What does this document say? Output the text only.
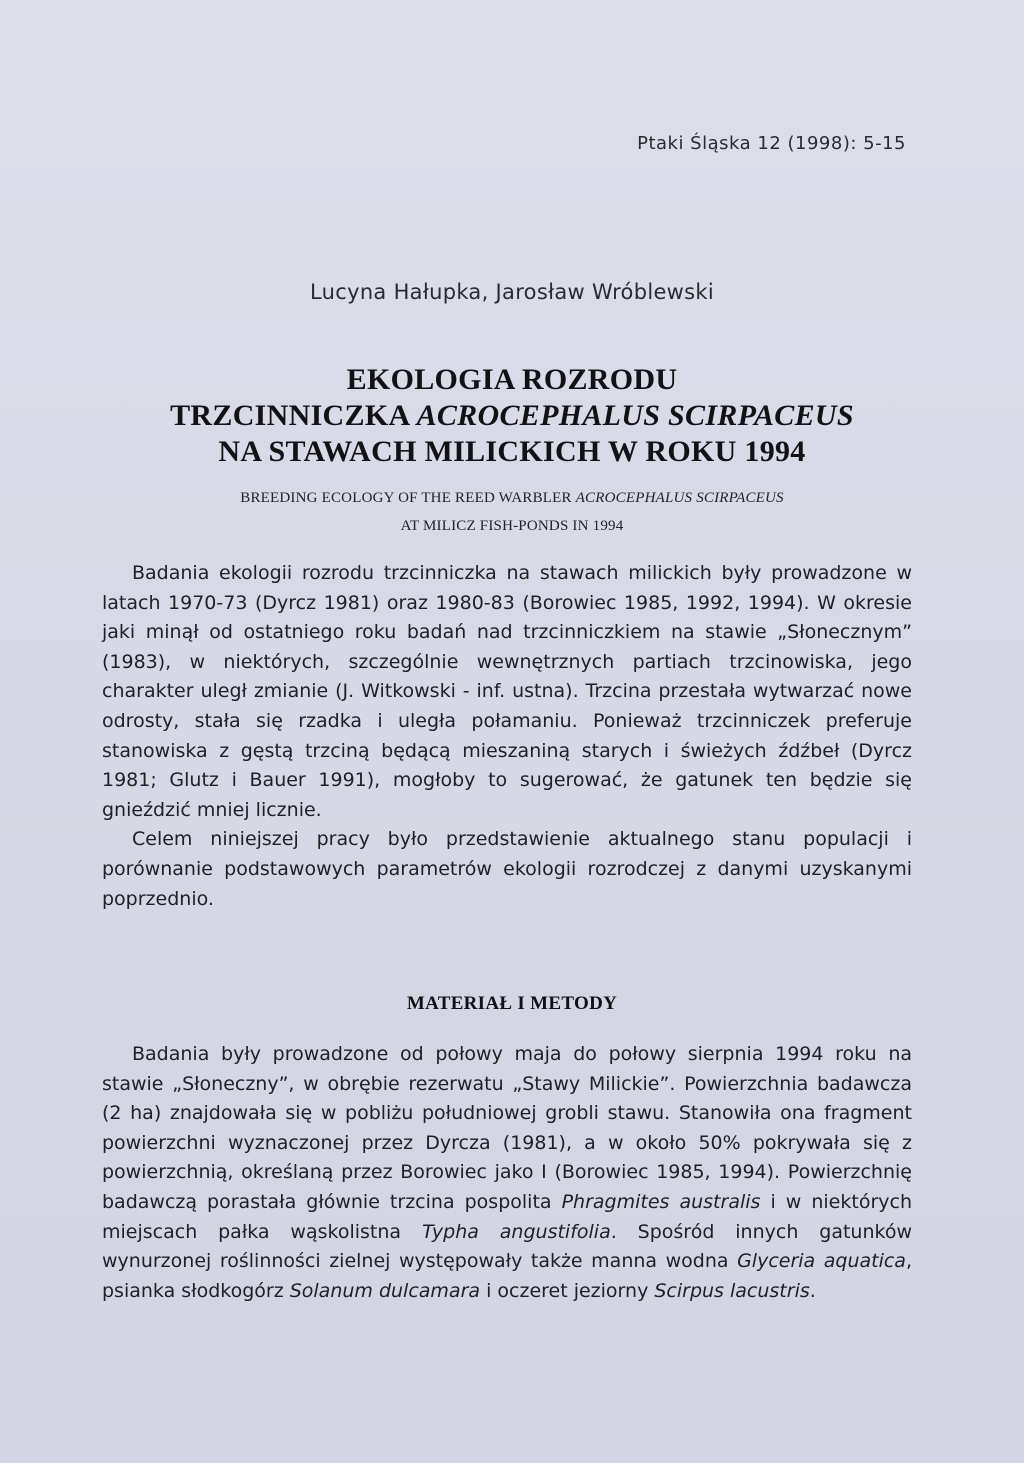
Ptaki Śląska 12 (1998): 5-15
Lucyna Hałupka, Jarosław Wróblewski
EKOLOGIA ROZRODU
TRZCINNICZKA ACROCEPHALUS SCIRPACEUS
NA STAWACH MILICKICH W ROKU 1994
BREEDING ECOLOGY OF THE REED WARBLER ACROCEPHALUS SCIRPACEUS
AT MILICZ FISH-PONDS IN 1994

Badania ekologii rozrodu trzcinniczka na stawach milickich były prowadzone w latach 1970-73 (Dyrcz 1981) oraz 1980-83 (Borowiec 1985, 1992, 1994). W okresie jaki minął od ostatniego roku badań nad trzcinniczkiem na stawie „Słonecznym” (1983), w niektórych, szczególnie wewnętrznych partiach trzcinowiska, jego charakter uległ zmianie (J. Witkowski - inf. ustna). Trzcina przestała wytwarzać nowe odrosty, stała się rzadka i uległa połamaniu. Ponieważ trzcinniczek preferuje stanowiska z gęstą trzciną będącą mieszaniną starych i świeżych źdźbeł (Dyrcz 1981; Glutz i Bauer 1991), mogłoby to sugerować, że gatunek ten będzie się gnieździć mniej licznie.

Celem niniejszej pracy było przedstawienie aktualnego stanu populacji i porównanie podstawowych parametrów ekologii rozrodczej z danymi uzyskanymi poprzednio.

MATERIAŁ I METODY

Badania były prowadzone od połowy maja do połowy sierpnia 1994 roku na stawie „Słoneczny”, w obrębie rezerwatu „Stawy Milickie”. Powierzchnia badawcza (2 ha) znajdowała się w pobliżu południowej grobli stawu. Stanowiła ona fragment powierzchni wyznaczonej przez Dyrcza (1981), a w około 50% pokrywała się z powierzchnią, określaną przez Borowiec jako I (Borowiec 1985, 1994). Powierzchnię badawczą porastała głównie trzcina pospolita Phragmites australis i w niektórych miejscach pałka wąskolistna Typha angustifolia. Spośród innych gatunków wynurzonej roślinności zielnej występowały także manna wodna Glyceria aquatica, psianka słodkogórz Solanum dulcamara i oczeret jeziorny Scirpus lacustris.
